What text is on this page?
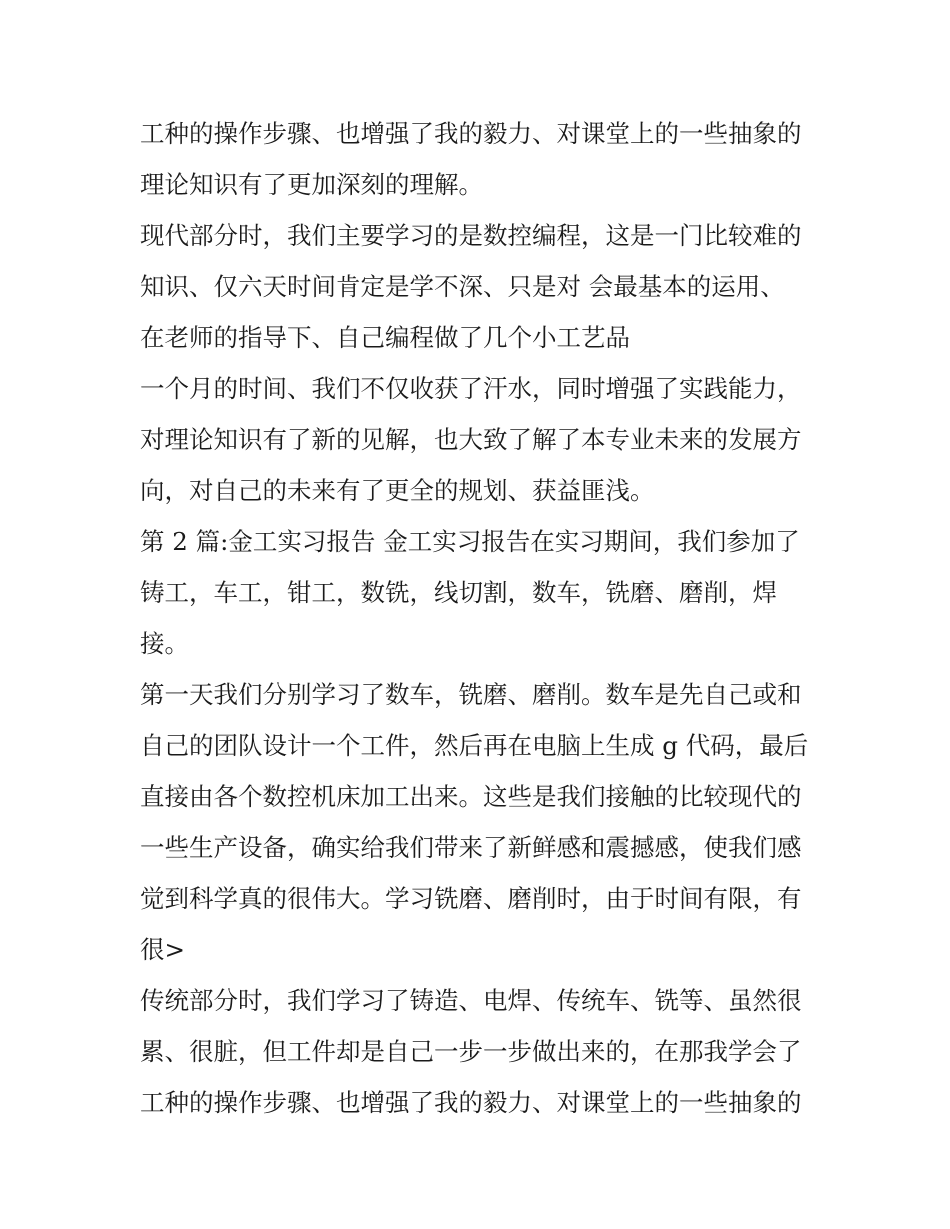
工种的操作步骤、也增强了我的毅力、对课堂上的一些抽象的

理论知识有了更加深刻的理解。

现代部分时，我们主要学习的是数控编程，这是一门比较难的

知识、仅六天时间肯定是学不深、只是对 会最基本的运用、

在老师的指导下、自己编程做了几个小工艺品

一个月的时间、我们不仅收获了汗水，同时增强了实践能力，

对理论知识有了新的见解，也大致了解了本专业未来的发展方

向，对自己的未来有了更全的规划、获益匪浅。

第 2 篇:金工实习报告 金工实习报告在实习期间，我们参加了

铸工，车工，钳工，数铣，线切割，数车，铣磨、磨削，焊

接。

第一天我们分别学习了数车，铣磨、磨削。数车是先自己或和

自己的团队设计一个工件，然后再在电脑上生成 g 代码，最后

直接由各个数控机床加工出来。这些是我们接触的比较现代的

一些生产设备，确实给我们带来了新鲜感和震撼感，使我们感

觉到科学真的很伟大。学习铣磨、磨削时，由于时间有限，有

很>

传统部分时，我们学习了铸造、电焊、传统车、铣等、虽然很

累、很脏，但工件却是自己一步一步做出来的，在那我学会了

工种的操作步骤、也增强了我的毅力、对课堂上的一些抽象的
